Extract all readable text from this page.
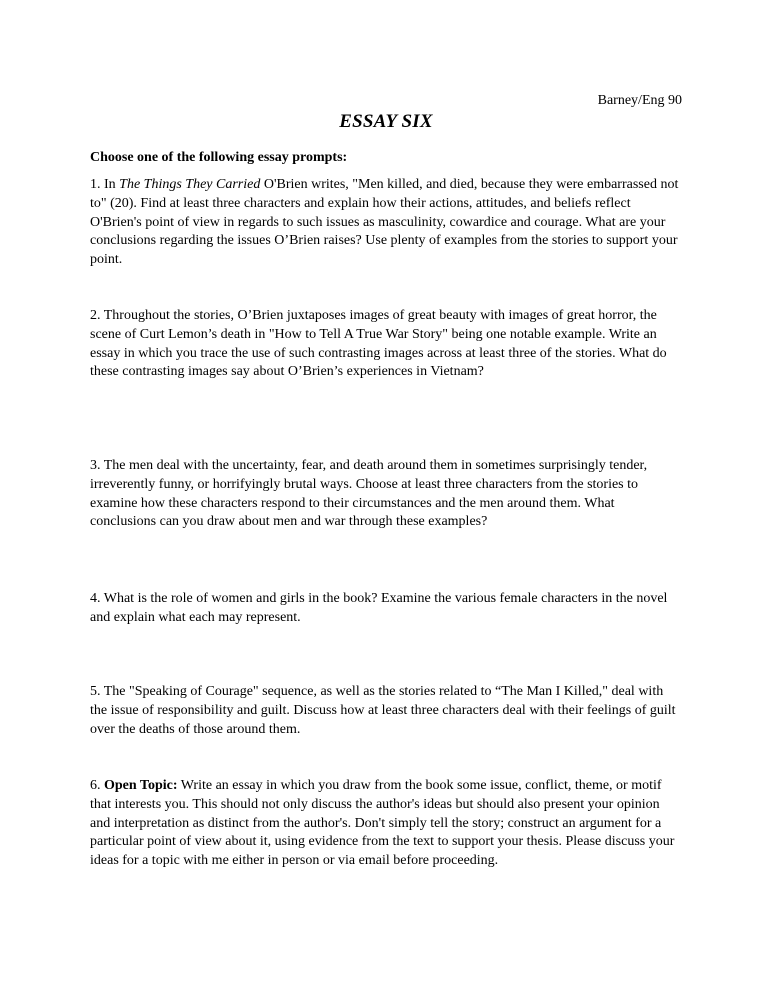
Barney/Eng 90
ESSAY SIX
Choose one of the following essay prompts:
1. In The Things They Carried O'Brien writes, "Men killed, and died, because they were embarrassed not to" (20). Find at least three characters and explain how their actions, attitudes, and beliefs reflect O'Brien's point of view in regards to such issues as masculinity, cowardice and courage. What are your conclusions regarding the issues O’Brien raises? Use plenty of examples from the stories to support your point.
2. Throughout the stories, O’Brien juxtaposes images of great beauty with images of great horror, the scene of Curt Lemon’s death in "How to Tell A True War Story" being one notable example. Write an essay in which you trace the use of such contrasting images across at least three of the stories. What do these contrasting images say about O’Brien’s experiences in Vietnam?
3. The men deal with the uncertainty, fear, and death around them in sometimes surprisingly tender, irreverently funny, or horrifyingly brutal ways. Choose at least three characters from the stories to examine how these characters respond to their circumstances and the men around them. What conclusions can you draw about men and war through these examples?
4. What is the role of women and girls in the book? Examine the various female characters in the novel and explain what each may represent.
5. The "Speaking of Courage" sequence, as well as the stories related to “The Man I Killed," deal with the issue of responsibility and guilt. Discuss how at least three characters deal with their feelings of guilt over the deaths of those around them.
6. Open Topic: Write an essay in which you draw from the book some issue, conflict, theme, or motif that interests you. This should not only discuss the author's ideas but should also present your opinion and interpretation as distinct from the author's. Don't simply tell the story; construct an argument for a particular point of view about it, using evidence from the text to support your thesis. Please discuss your ideas for a topic with me either in person or via email before proceeding.
